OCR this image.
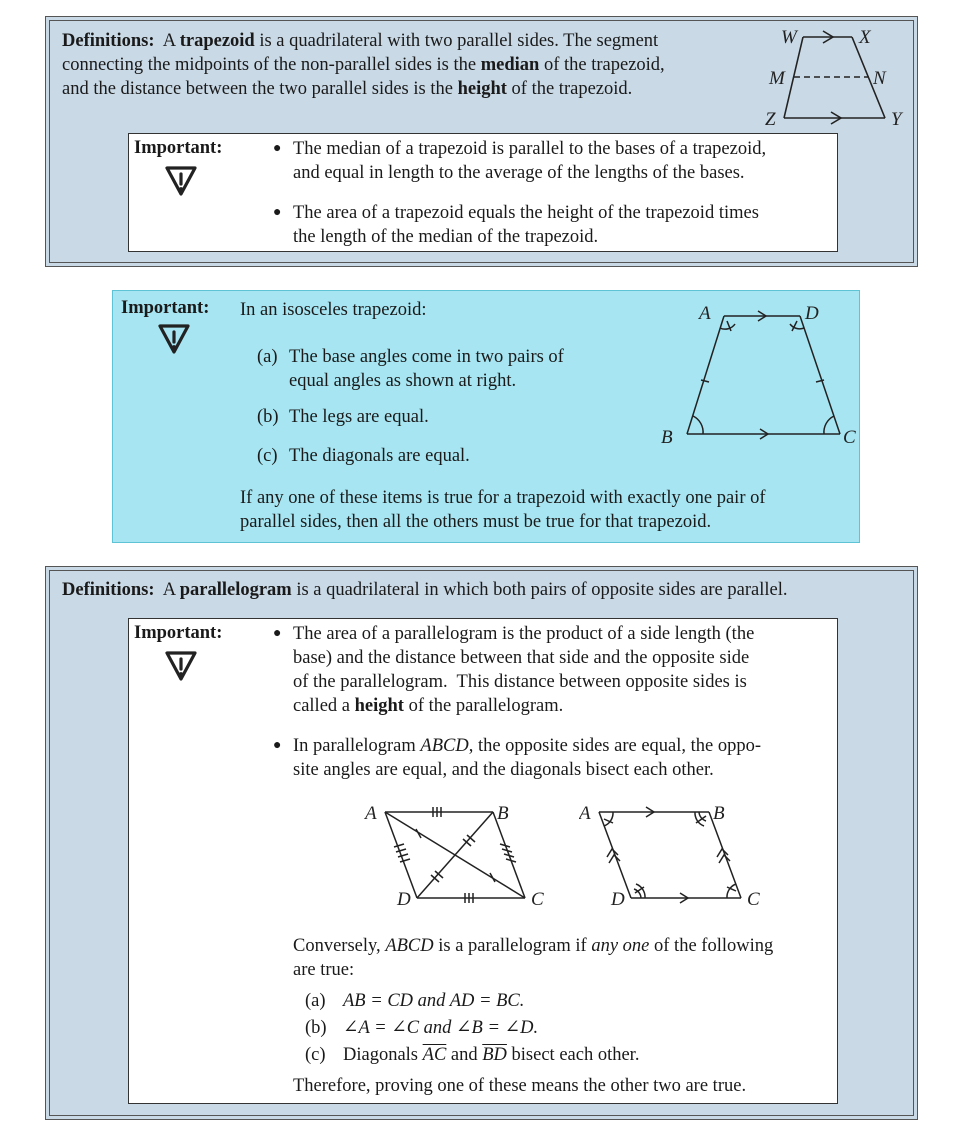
Definitions: A trapezoid is a quadrilateral with two parallel sides. The segment
connecting the midpoints of the non-parallel sides is the median of the trapezoid,
and the distance between the two parallel sides is the height of the trapezoid.
W	X
M	N
Z	Y
Important:	● The median of a trapezoid is parallel to the bases of a trapezoid,
and equal in length to the average of the lengths of the bases.
● The area of a trapezoid equals the height of the trapezoid times
the length of the median of the trapezoid.
Important: In an isosceles trapezoid:
(a) The base angles come in two pairs of
equal angles as shown at right.
(b) The legs are equal.
(c) The diagonals are equal.
If any one of these items is true for a trapezoid with exactly one pair of
parallel sides, then all the others must be true for that trapezoid.
A	D
B	C
Definitions: A parallelogram is a quadrilateral in which both pairs of opposite sides are parallel.
Important:	● The area of a parallelogram is the product of a side length (the
base) and the distance between that side and the opposite side
of the parallelogram.  This distance between opposite sides is
called a height of the parallelogram.
● In parallelogram ABCD, the opposite sides are equal, the oppo-
site angles are equal, and the diagonals bisect each other.
A	B
D	C
A	B
D	C
Conversely, ABCD is a parallelogram if any one of the following
are true:
(a) AB = CD and AD = BC.
(b) ∠A = ∠C and ∠B = ∠D.
(c) Diagonals $\overline{AC}$ and $\overline{BD}$ bisect each other.
Therefore, proving one of these means the other two are true.
